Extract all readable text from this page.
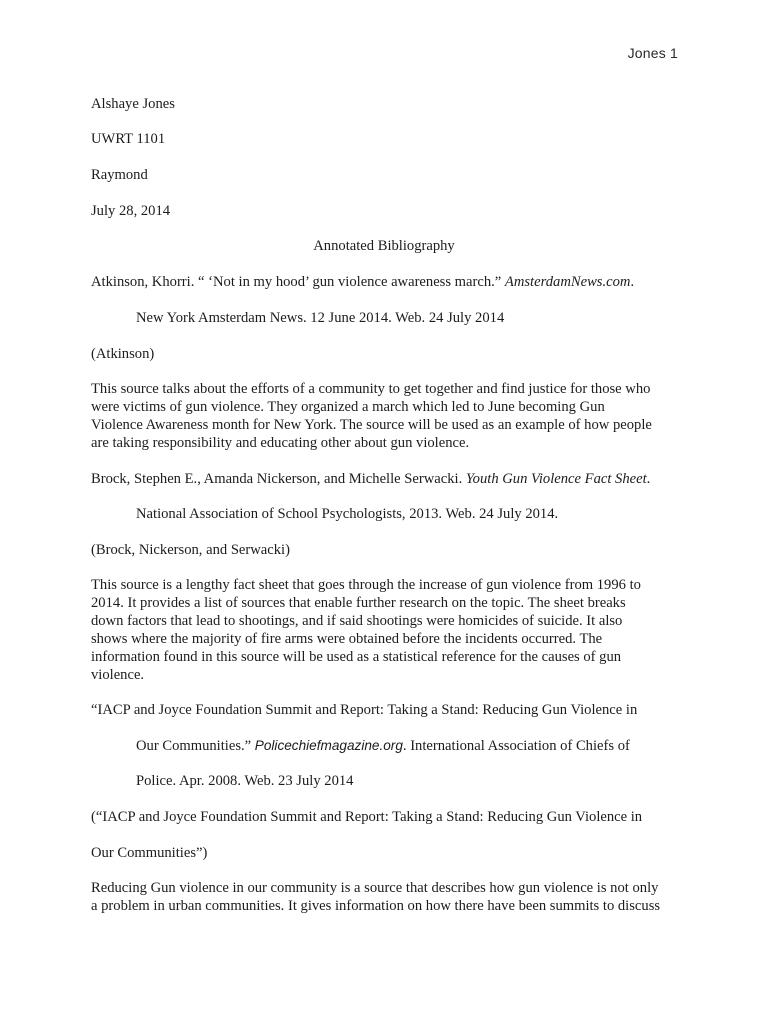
Jones 1
Alshaye Jones
UWRT 1101
Raymond
July 28, 2014
Annotated Bibliography
Atkinson, Khorri. “ ‘Not in my hood’ gun violence awareness march.” AmsterdamNews.com.
New York Amsterdam News. 12 June 2014. Web. 24 July 2014
(Atkinson)
This source talks about the efforts of a community to get together and find justice for those who
were victims of gun violence. They organized a march which led to June becoming Gun
Violence Awareness month for New York. The source will be used as an example of how people
are taking responsibility and educating other about gun violence.
Brock, Stephen E., Amanda Nickerson, and Michelle Serwacki. Youth Gun Violence Fact Sheet.
National Association of School Psychologists, 2013. Web. 24 July 2014.
(Brock, Nickerson, and Serwacki)
This source is a lengthy fact sheet that goes through the increase of gun violence from 1996 to
2014. It provides a list of sources that enable further research on the topic. The sheet breaks
down factors that lead to shootings, and if said shootings were homicides of suicide. It also
shows where the majority of fire arms were obtained before the incidents occurred. The
information found in this source will be used as a statistical reference for the causes of gun
violence.
“IACP and Joyce Foundation Summit and Report: Taking a Stand: Reducing Gun Violence in
Our Communities.” Policechiefmagazine.org. International Association of Chiefs of
Police. Apr. 2008. Web. 23 July 2014
(“IACP and Joyce Foundation Summit and Report: Taking a Stand: Reducing Gun Violence in
Our Communities”)
Reducing Gun violence in our community is a source that describes how gun violence is not only
a problem in urban communities. It gives information on how there have been summits to discuss
